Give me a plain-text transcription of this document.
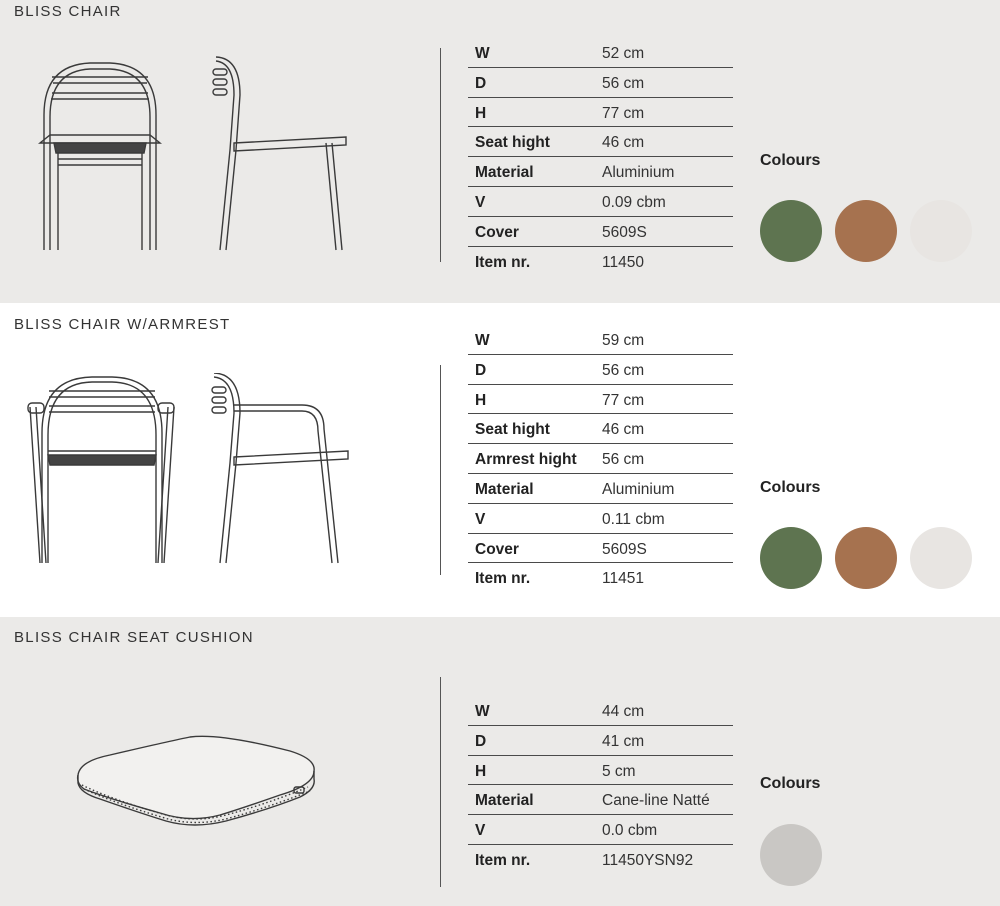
BLISS CHAIR
W	52 cm
D	56 cm
H	77 cm
Seat hight	46 cm
Material	Aluminium
V	0.09 cbm
Cover	5609S
Item nr.	11450
Colours
BLISS CHAIR W/ARMREST
W	59 cm
D	56 cm
H	77 cm
Seat hight	46 cm
Armrest hight 56 cm
Material	Aluminium
V	0.11 cbm
Cover	5609S
Item nr.	11451
Colours
BLISS CHAIR SEAT CUSHION
W	44 cm
D	41 cm
H	5 cm
Material	Cane-line Natté
V	0.0 cbm
Item nr.	11450YSN92
Colours
